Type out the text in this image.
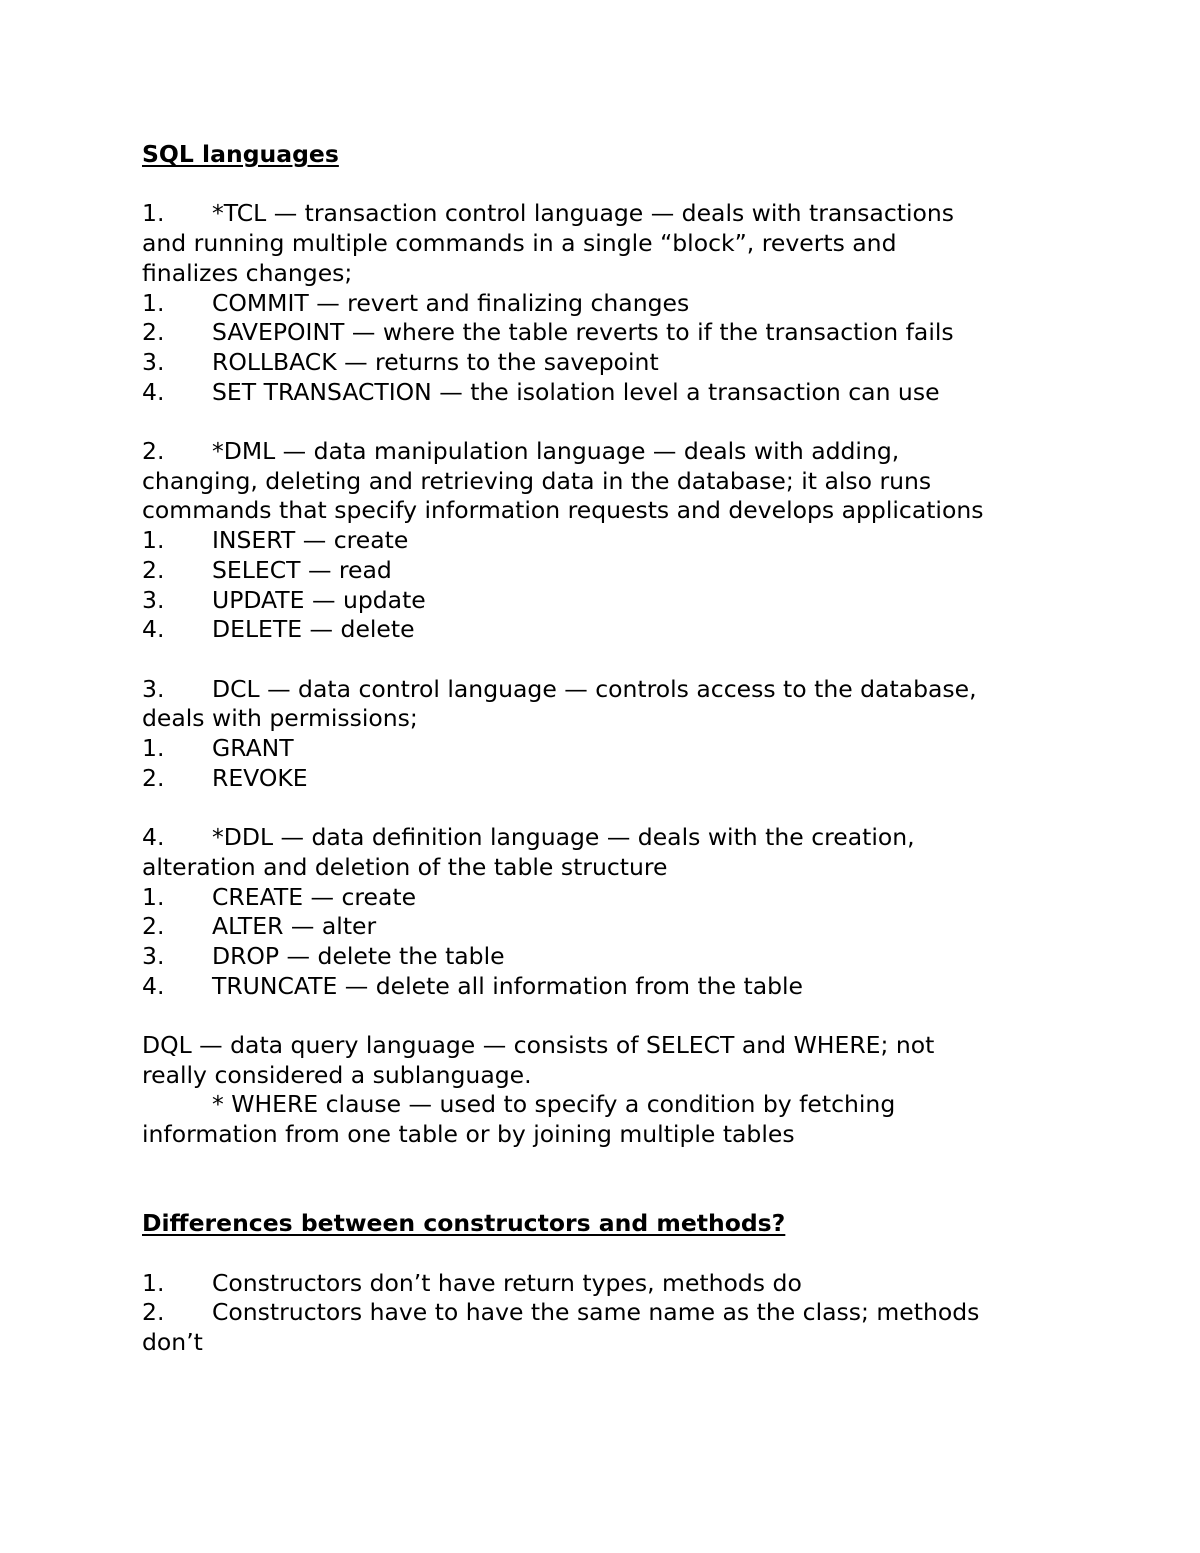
SQL languages

1. *TCL — transaction control language — deals with transactions

and running multiple commands in a single “block”, reverts and

finalizes changes;

1. COMMIT — revert and finalizing changes

2. SAVEPOINT — where the table reverts to if the transaction fails

3. ROLLBACK — returns to the savepoint

4. SET TRANSACTION — the isolation level a transaction can use

2. *DML — data manipulation language — deals with adding,

changing, deleting and retrieving data in the database; it also runs

commands that specify information requests and develops applications

1. INSERT — create

2. SELECT — read

3. UPDATE — update

4. DELETE — delete

3. DCL — data control language — controls access to the database,

deals with permissions;

1. GRANT

2. REVOKE

4. *DDL — data definition language — deals with the creation,

alteration and deletion of the table structure

1. CREATE — create

2. ALTER — alter

3. DROP — delete the table

4. TRUNCATE — delete all information from the table

DQL — data query language — consists of SELECT and WHERE; not

really considered a sublanguage.

* WHERE clause — used to specify a condition by fetching

information from one table or by joining multiple tables

Differences between constructors and methods?

1. Constructors don’t have return types, methods do

2. Constructors have to have the same name as the class; methods

don’t
